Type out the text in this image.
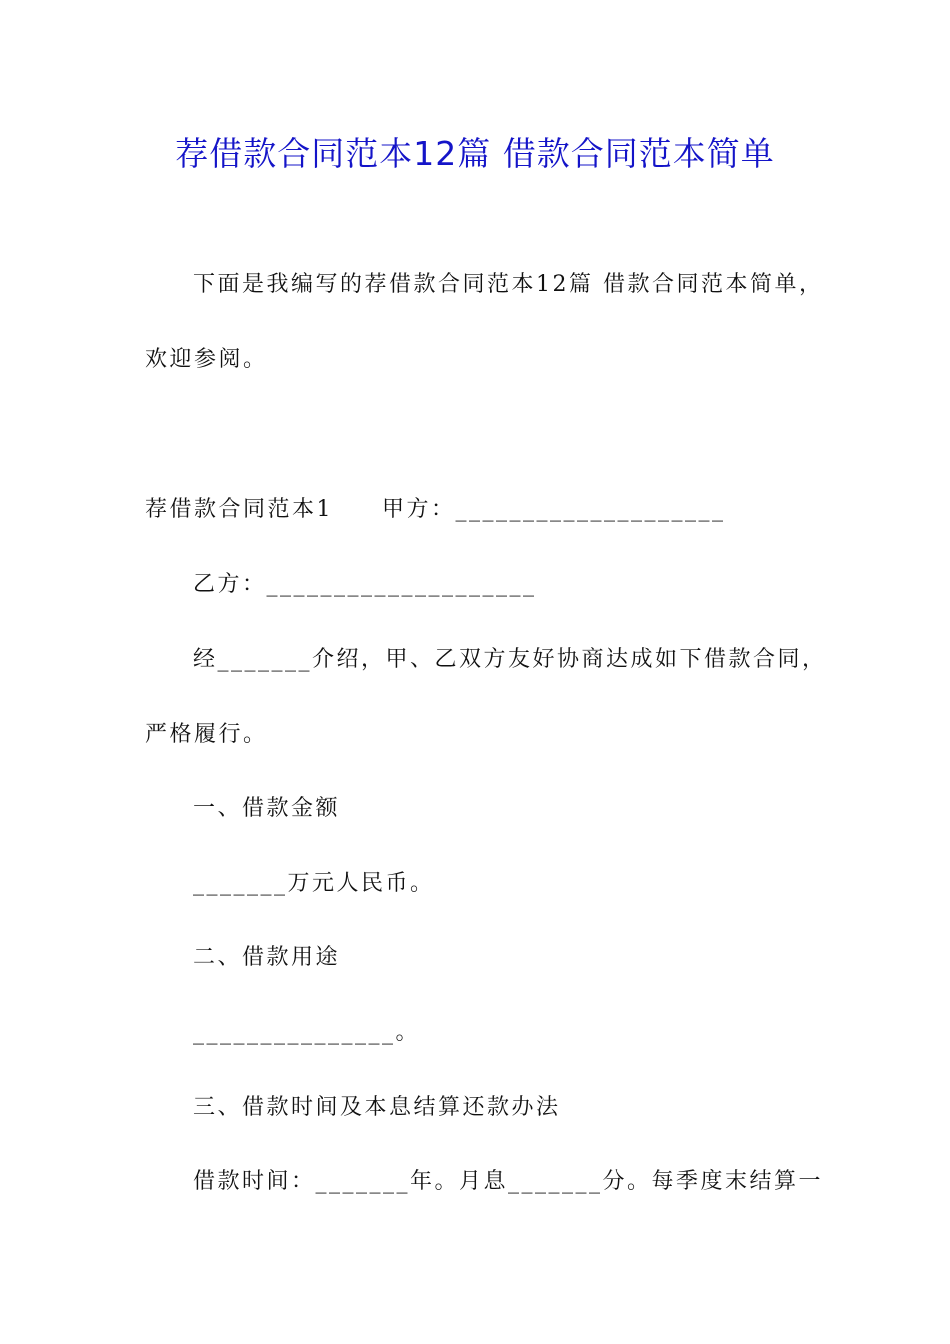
荐借款合同范本12篇 借款合同范本简单
下面是我编写的荐借款合同范本12篇 借款合同范本简单，
欢迎参阅。
荐借款合同范本1　　甲方：____________________
乙方：____________________
经_______介绍，甲、乙双方友好协商达成如下借款合同，
严格履行。
一、借款金额
_______万元人民币。
二、借款用途
_______________。
三、借款时间及本息结算还款办法
借款时间：_______年。月息_______分。每季度末结算一
